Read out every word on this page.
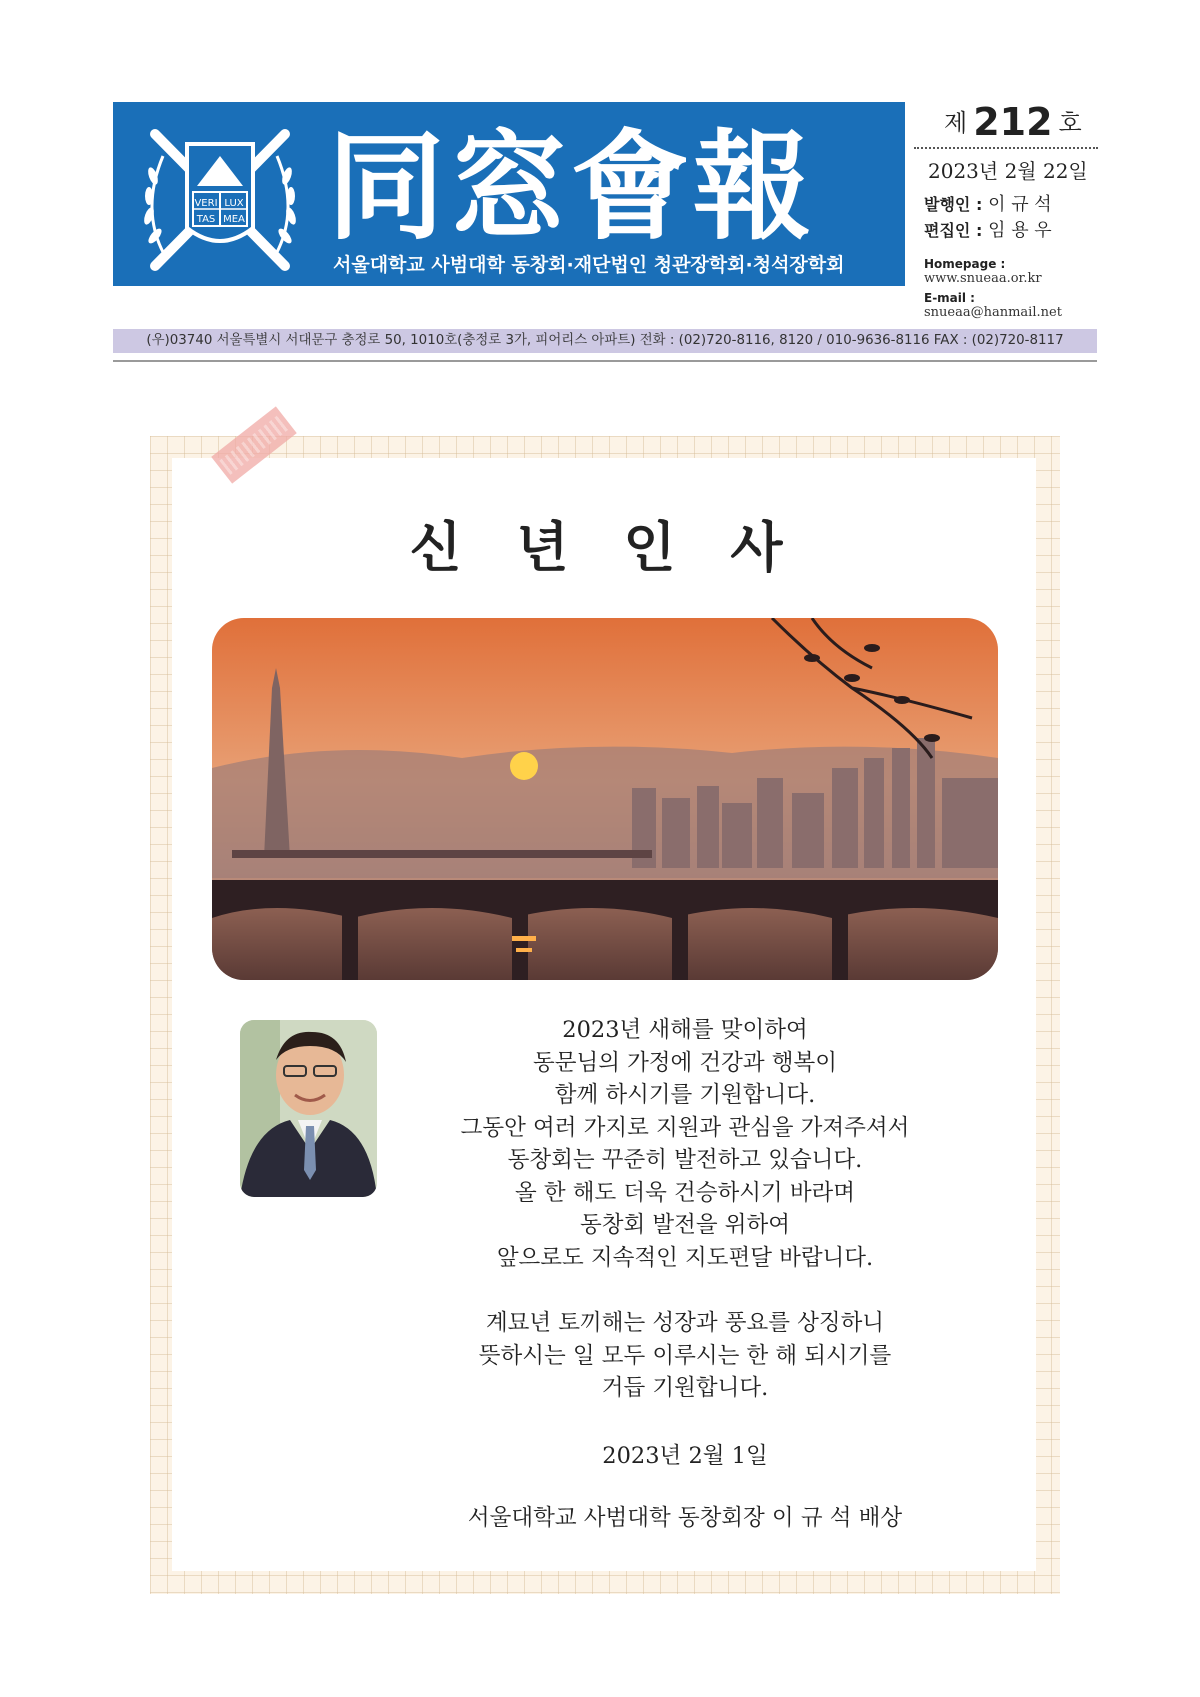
VERI LUX
TAS MEA 同窓會報
서울대학교 사범대학 동창회·재단법인 청관장학회·청석장학회
제 212 호
2023년 2월 22일
발행인 : 이 규 석
편집인 : 임 용 우
Homepage :
www.snueaa.or.kr
E-mail :
snueaa@hanmail.net
(우)03740 서울특별시 서대문구 충정로 50, 1010호(충정로 3가, 피어리스 아파트) 전화 : (02)720-8116, 8120 / 010-9636-8116 FAX : (02)720-8117
신 년 인 사
2023년 새해를 맞이하여
동문님의 가정에 건강과 행복이
함께 하시기를 기원합니다.
그동안 여러 가지로 지원과 관심을 가져주셔서
동창회는 꾸준히 발전하고 있습니다.
올 한 해도 더욱 건승하시기 바라며
동창회 발전을 위하여
앞으로도 지속적인 지도편달 바랍니다.
계묘년 토끼해는 성장과 풍요를 상징하니
뜻하시는 일 모두 이루시는 한 해 되시기를
거듭 기원합니다.
2023년 2월 1일
서울대학교 사범대학 동창회장 이 규 석 배상
